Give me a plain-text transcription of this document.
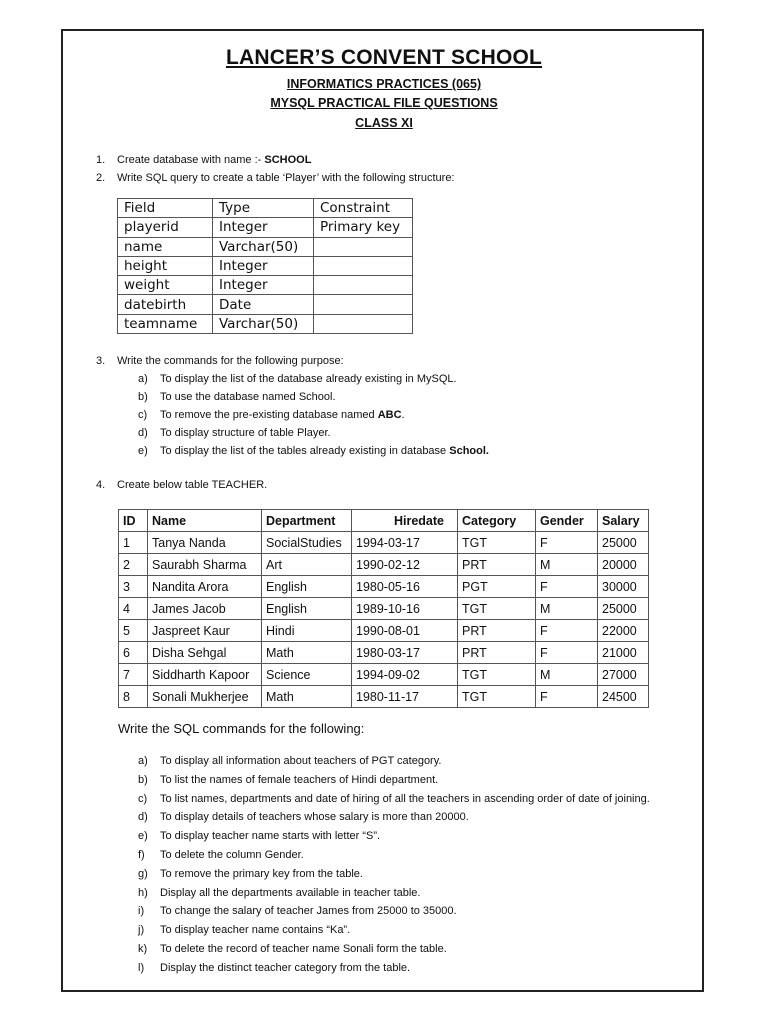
LANCER’S CONVENT SCHOOL
INFORMATICS PRACTICES (065)
MYSQL PRACTICAL FILE QUESTIONS
CLASS XI
1. Create database with name :- SCHOOL
2. Write SQL query to create a table ‘Player’ with the following structure:
Field	Type	Constraint
playerid	Integer	Primary key
name	Varchar(50)	
height	Integer	
weight	Integer	
datebirth	Date	
teamname	Varchar(50)	
3. Write the commands for the following purpose:
a) To display the list of the database already existing in MySQL.
b) To use the database named School.
c) To remove the pre-existing database named ABC.
d) To display structure of table Player.
e) To display the list of the tables already existing in database School.
4. Create below table TEACHER.
ID	Name	Department	Hiredate	Category	Gender	Salary
1	Tanya Nanda	SocialStudies	1994-03-17	TGT	F	25000
2	Saurabh Sharma	Art	1990-02-12	PRT	M	20000
3	Nandita Arora	English	1980-05-16	PGT	F	30000
4	James Jacob	English	1989-10-16	TGT	M	25000
5	Jaspreet Kaur	Hindi	1990-08-01	PRT	F	22000
6	Disha Sehgal	Math	1980-03-17	PRT	F	21000
7	Siddharth Kapoor	Science	1994-09-02	TGT	M	27000
8	Sonali Mukherjee	Math	1980-11-17	TGT	F	24500
Write the SQL commands for the following:
a) To display all information about teachers of PGT category.
b) To list the names of female teachers of Hindi department.
c) To list names, departments and date of hiring of all the teachers in ascending order of date of joining.
d) To display details of teachers whose salary is more than 20000.
e) To display teacher name starts with letter “S”.
f) To delete the column Gender.
g) To remove the primary key from the table.
h) Display all the departments available in teacher table.
i) To change the salary of teacher James from 25000 to 35000.
j) To display teacher name contains “Ka”.
k) To delete the record of teacher name Sonali form the table.
l) Display the distinct teacher category from the table.
